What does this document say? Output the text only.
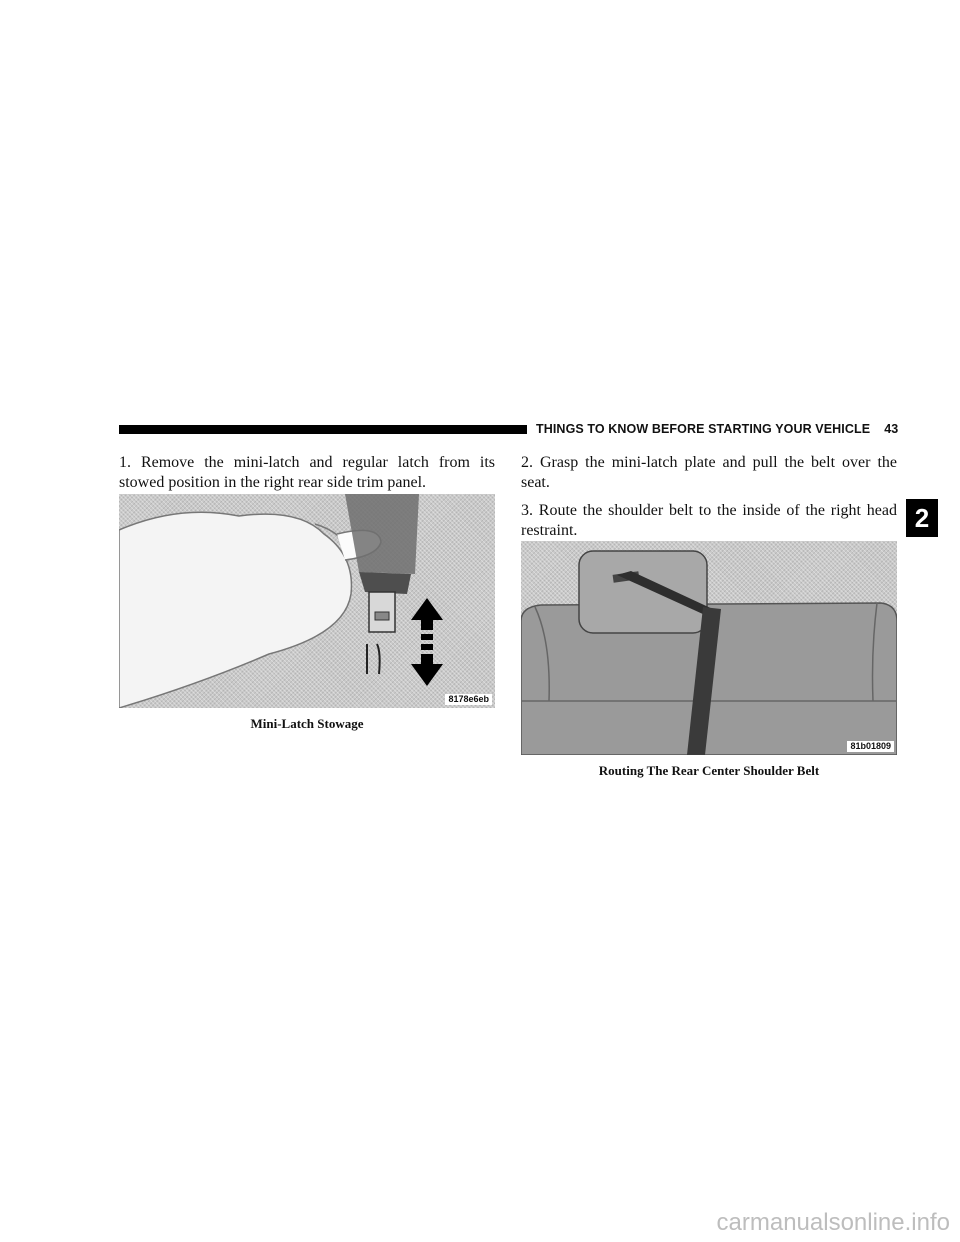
THINGS TO KNOW BEFORE STARTING YOUR VEHICLE 43

1. Remove the mini-latch and regular latch from its stowed position in the right rear side trim panel.

8178e6eb
Mini-Latch Stowage

2. Grasp the mini-latch plate and pull the belt over the seat.

3. Route the shoulder belt to the inside of the right head restraint.

81b01809
Routing The Rear Center Shoulder Belt
2
carmanualsonline.info
